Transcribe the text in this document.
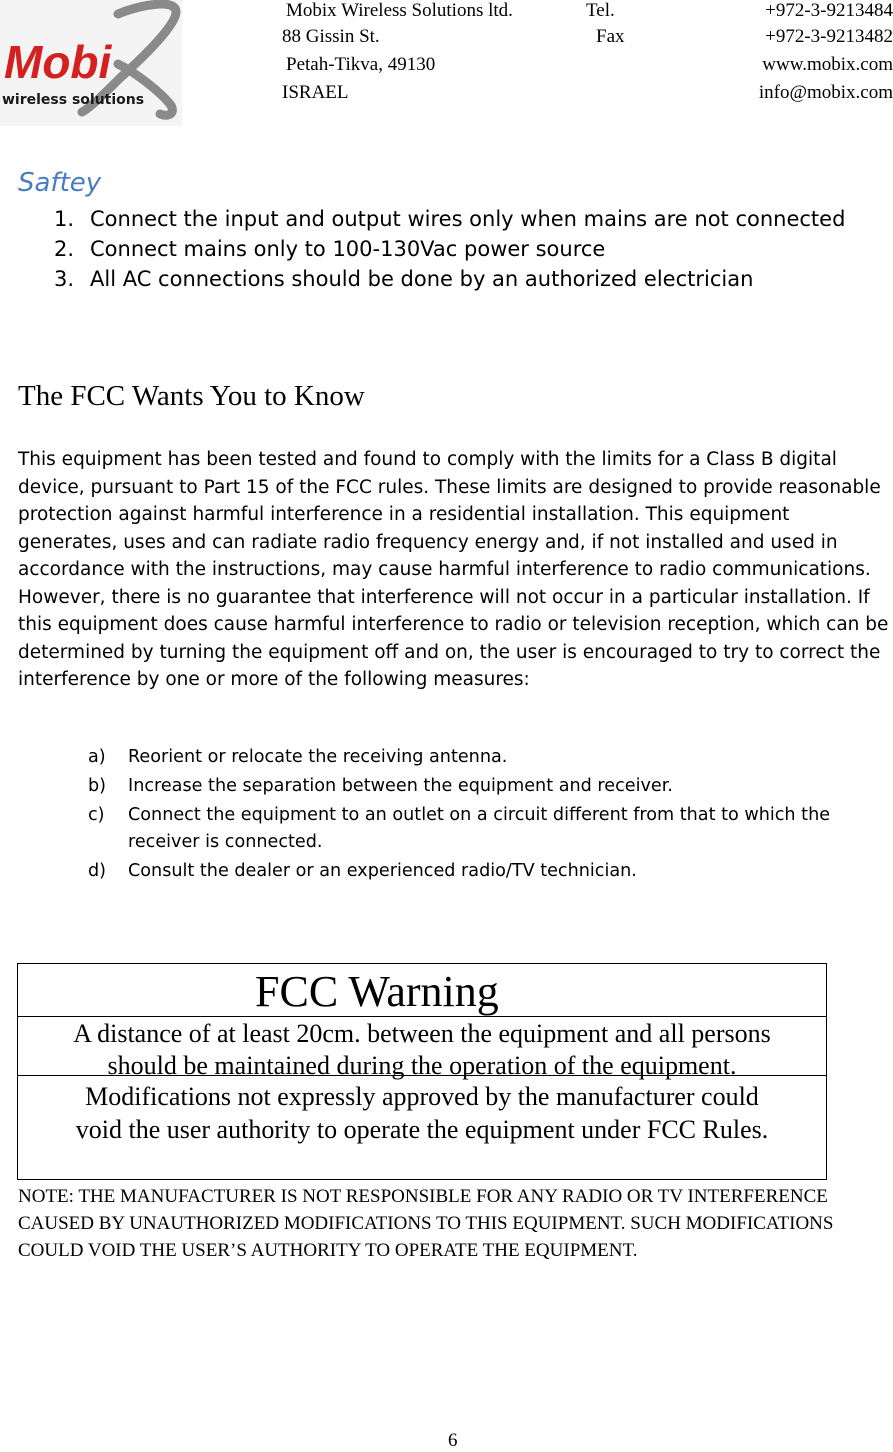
Mobi
wireless solutions
Mobix Wireless Solutions ltd.	Tel.	+972-3-9213484
88 Gissin St.	Fax	+972-3-9213482
Petah-Tikva, 49130	www.mobix.com
ISRAEL	info@mobix.com
Saftey
1. Connect the input and output wires only when mains are not connected
2. Connect mains only to 100-130Vac power source
3. All AC connections should be done by an authorized electrician
The FCC Wants You to Know

This equipment has been tested and found to comply with the limits for a Class B digital device, pursuant to Part 15 of the FCC rules. These limits are designed to provide reasonable protection against harmful interference in a residential installation. This equipment generates, uses and can radiate radio frequency energy and, if not installed and used in accordance with the instructions, may cause harmful interference to radio communications. However, there is no guarantee that interference will not occur in a particular installation. If this equipment does cause harmful interference to radio or television reception, which can be determined by turning the equipment off and on, the user is encouraged to try to correct the interference by one or more of the following measures:

a) Reorient or relocate the receiving antenna.
b) Increase the separation between the equipment and receiver.
c) Connect the equipment to an outlet on a circuit different from that to which the receiver is connected.
d) Consult the dealer or an experienced radio/TV technician.
FCC Warning
A distance of at least 20cm. between the equipment and all persons
should be maintained during the operation of the equipment.
Modifications not expressly approved by the manufacturer could
void the user authority to operate the equipment under FCC Rules.

NOTE: THE MANUFACTURER IS NOT RESPONSIBLE FOR ANY RADIO OR TV INTERFERENCE CAUSED BY UNAUTHORIZED MODIFICATIONS TO THIS EQUIPMENT. SUCH MODIFICATIONS COULD VOID THE USER’S AUTHORITY TO OPERATE THE EQUIPMENT.

6
